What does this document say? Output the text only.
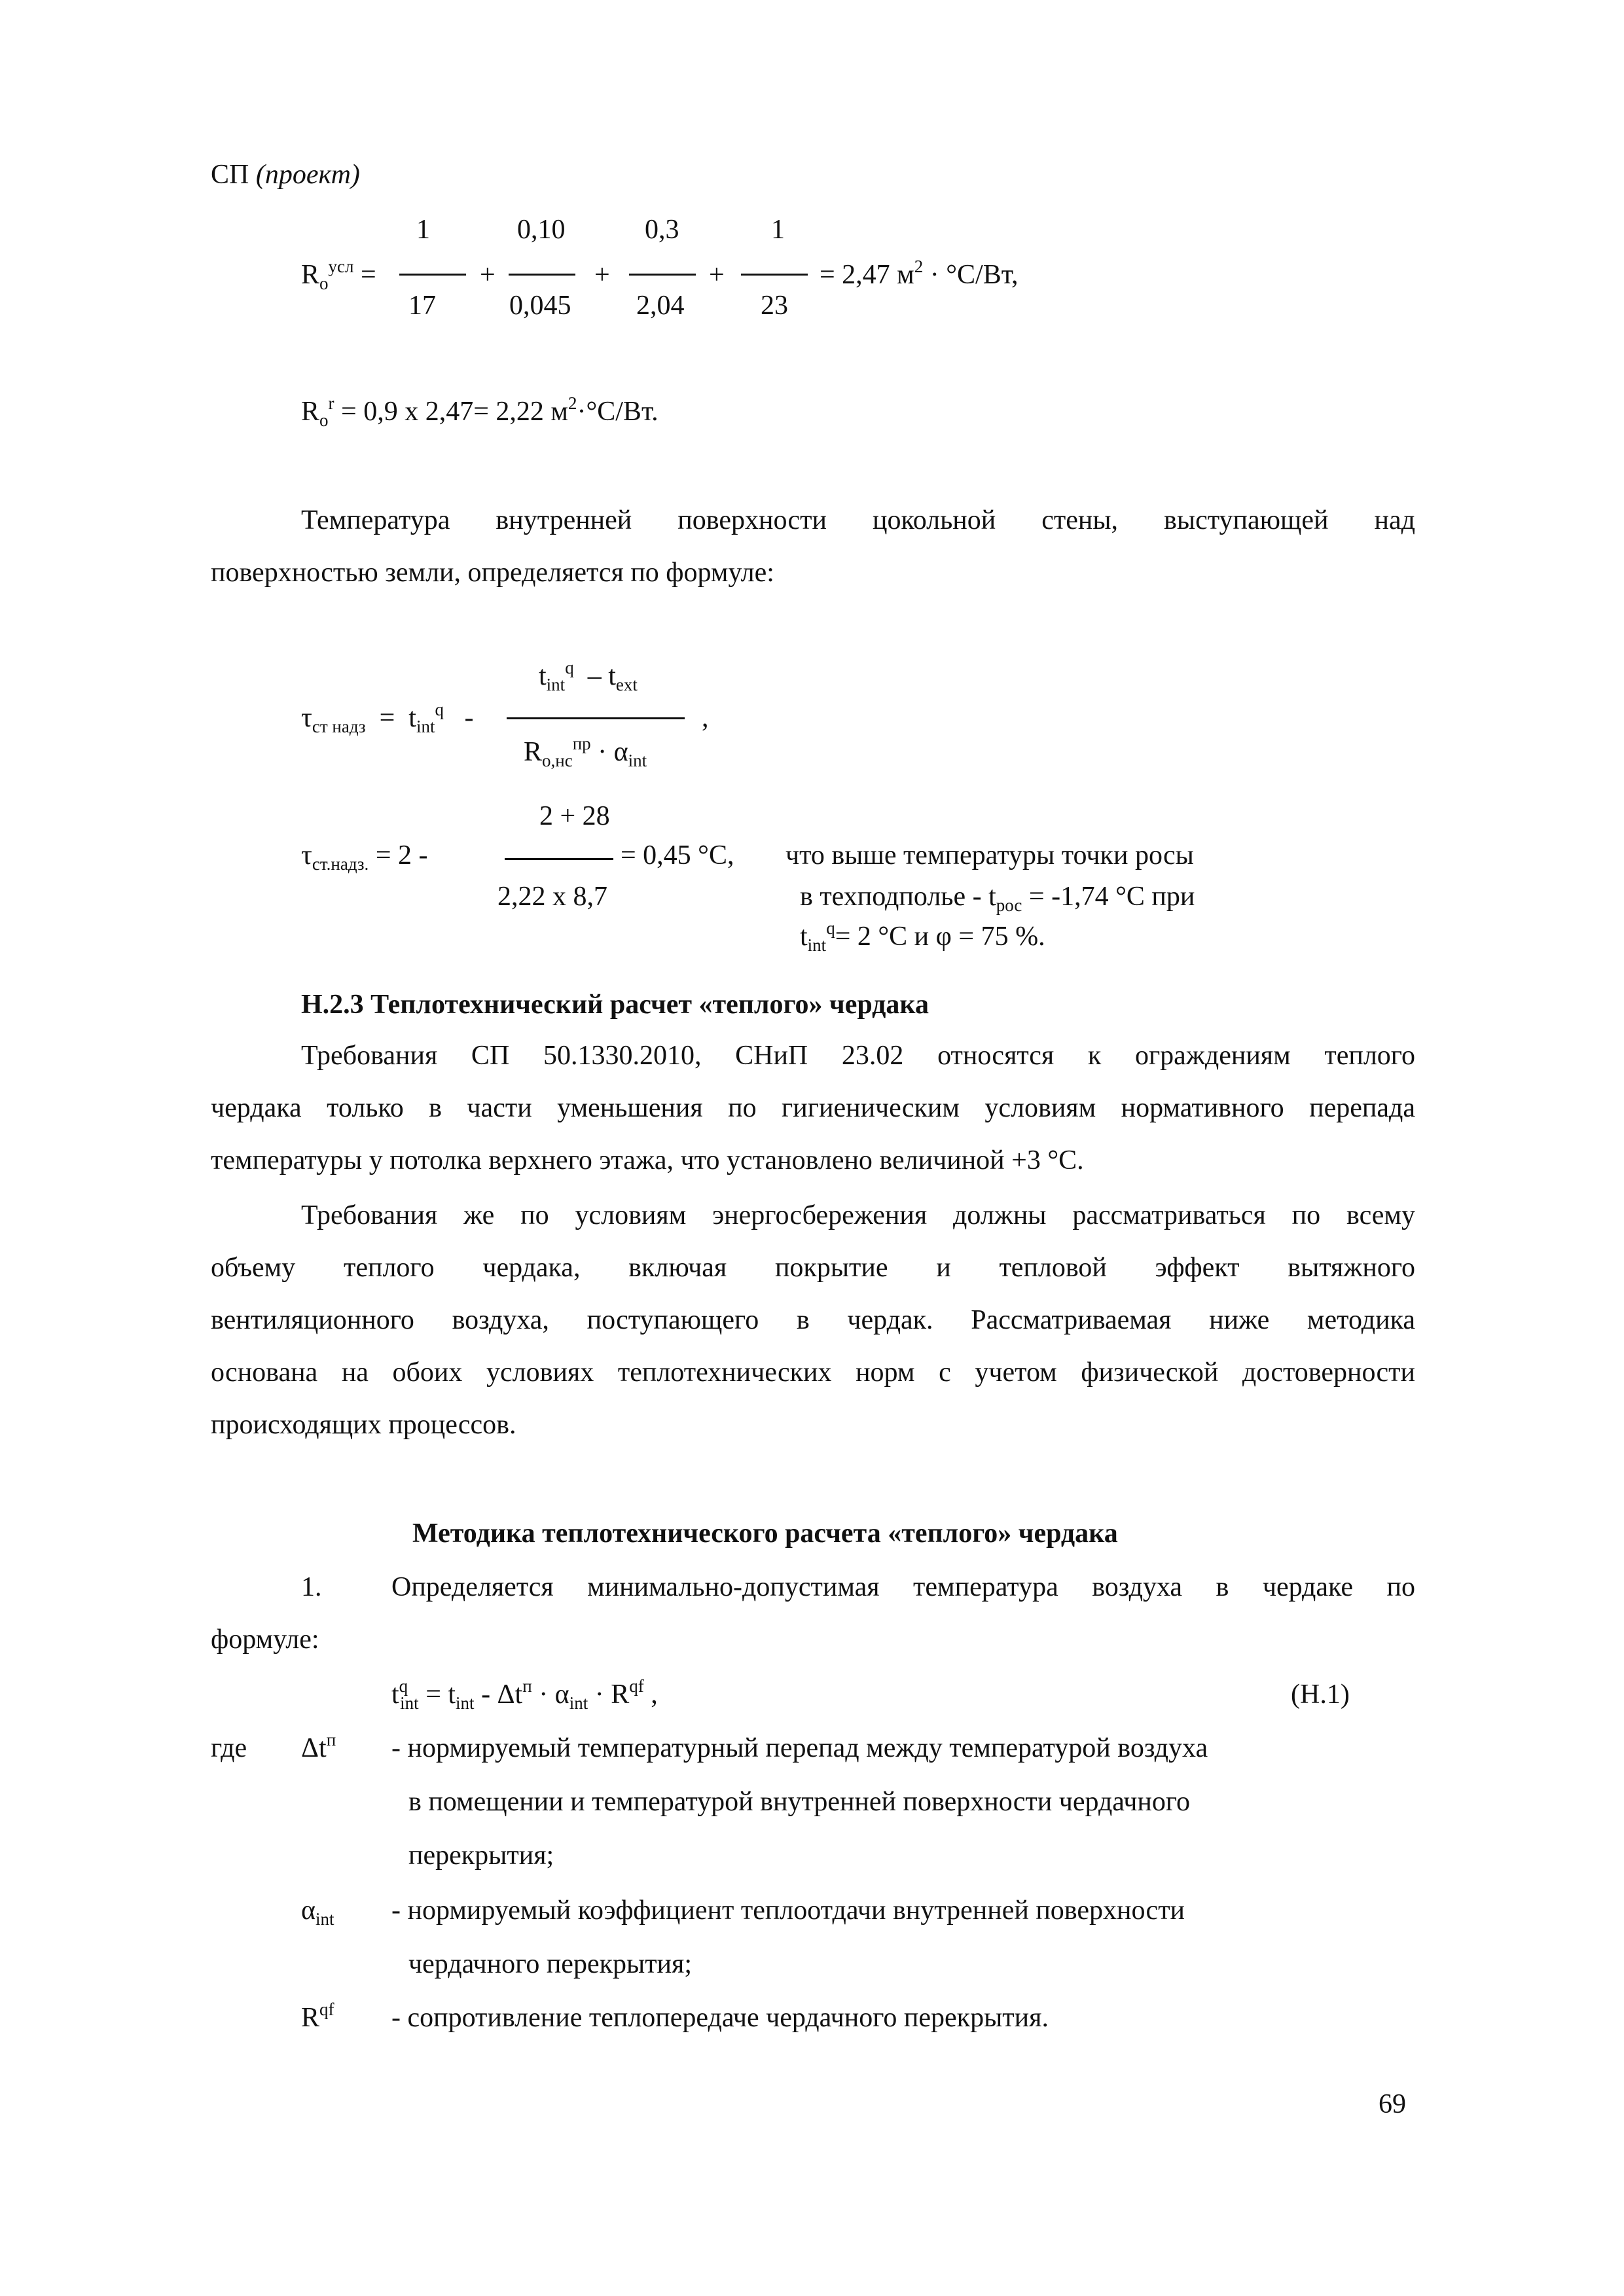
СП (проект)
$R_o^{усл}$ =
1
17
+
0,10
0,045
+
0,3
2,04
+
1
23
= 2,47 $м^2 \cdot ^\circ С/Вт$,
$R_o^r = 0,9$ х 2,47= 2,22 $м^2\cdot^\circ С/Вт$.
Температура внутренней поверхности цокольной стены, выступающей над
поверхностью земли, определяется по формуле:
$\tau_{ст надз} = t_{int}^q$ -
$t_{int}^q - t_{ext}$
$R_{o,нс}^{пр} \cdot \alpha_{int}$
,
$\tau_{ст.надз.} = 2$ -
2 + 28
2,22 х 8,7
= 0,45 °С, что выше температуры точки росы
в техподполье - $t_{рос} = -1,74$ °С при
$t_{int}^q= 2$ °С и φ = 75 %.
Н.2.3 Теплотехнический расчет «теплого» чердака
Требования СП 50.1330.2010, СНиП 23.02 относятся к ограждениям теплого
чердака только в части уменьшения по гигиеническим условиям нормативного перепада
температуры у потолка верхнего этажа, что установлено величиной +3 °С.
Требования же по условиям энергосбережения должны рассматриваться по всему
объему теплого чердака, включая покрытие и тепловой эффект вытяжного
вентиляционного воздуха, поступающего в чердак. Рассматриваемая ниже методика
основана на обоих условиях теплотехнических норм с учетом физической достоверности
происходящих процессов.
Методика теплотехнического расчета «теплого» чердака
1.	Определяется минимально-допустимая температура воздуха в чердаке по
формуле:
$t^q_{int} = t_{int} - \Delta t^п \cdot \alpha_{int} \cdot R^{qf}$ ,	(Н.1)
где $\Delta t^п$ - нормируемый температурный перепад между температурой воздуха
в помещении и температурой внутренней поверхности чердачного
перекрытия;
$\alpha_{int}$ - нормируемый коэффициент теплоотдачи внутренней поверхности
чердачного перекрытия;
$R^{qf}$ - сопротивление теплопередаче чердачного перекрытия.
69
